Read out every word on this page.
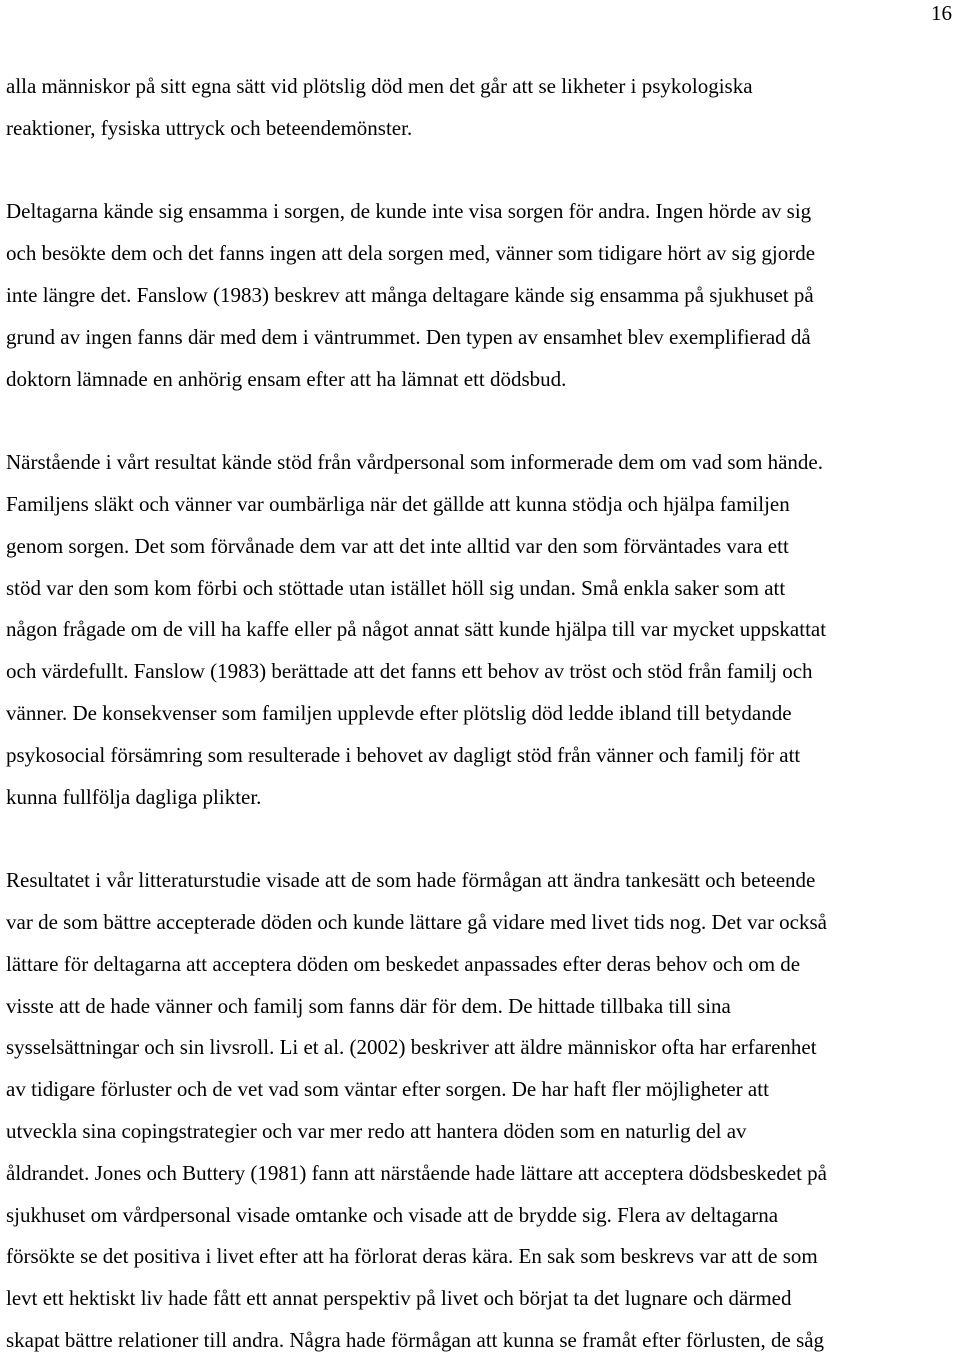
16

alla människor på sitt egna sätt vid plötslig död men det går att se likheter i psykologiska
reaktioner, fysiska uttryck och beteendemönster.

Deltagarna kände sig ensamma i sorgen, de kunde inte visa sorgen för andra. Ingen hörde av sig
och besökte dem och det fanns ingen att dela sorgen med, vänner som tidigare hört av sig gjorde
inte längre det. Fanslow (1983) beskrev att många deltagare kände sig ensamma på sjukhuset på
grund av ingen fanns där med dem i väntrummet. Den typen av ensamhet blev exemplifierad då
doktorn lämnade en anhörig ensam efter att ha lämnat ett dödsbud.

Närstående i vårt resultat kände stöd från vårdpersonal som informerade dem om vad som hände.
Familjens släkt och vänner var oumbärliga när det gällde att kunna stödja och hjälpa familjen
genom sorgen. Det som förvånade dem var att det inte alltid var den som förväntades vara ett
stöd var den som kom förbi och stöttade utan istället höll sig undan. Små enkla saker som att
någon frågade om de vill ha kaffe eller på något annat sätt kunde hjälpa till var mycket uppskattat
och värdefullt. Fanslow (1983) berättade att det fanns ett behov av tröst och stöd från familj och
vänner. De konsekvenser som familjen upplevde efter plötslig död ledde ibland till betydande
psykosocial försämring som resulterade i behovet av dagligt stöd från vänner och familj för att
kunna fullfölja dagliga plikter.

Resultatet i vår litteraturstudie visade att de som hade förmågan att ändra tankesätt och beteende
var de som bättre accepterade döden och kunde lättare gå vidare med livet tids nog. Det var också
lättare för deltagarna att acceptera döden om beskedet anpassades efter deras behov och om de
visste att de hade vänner och familj som fanns där för dem. De hittade tillbaka till sina
sysselsättningar och sin livsroll. Li et al. (2002) beskriver att äldre människor ofta har erfarenhet
av tidigare förluster och de vet vad som väntar efter sorgen. De har haft fler möjligheter att
utveckla sina copingstrategier och var mer redo att hantera döden som en naturlig del av
åldrandet. Jones och Buttery (1981) fann att närstående hade lättare att acceptera dödsbeskedet på
sjukhuset om vårdpersonal visade omtanke och visade att de brydde sig. Flera av deltagarna
försökte se det positiva i livet efter att ha förlorat deras kära. En sak som beskrevs var att de som
levt ett hektiskt liv hade fått ett annat perspektiv på livet och börjat ta det lugnare och därmed
skapat bättre relationer till andra. Några hade förmågan att kunna se framåt efter förlusten, de såg
